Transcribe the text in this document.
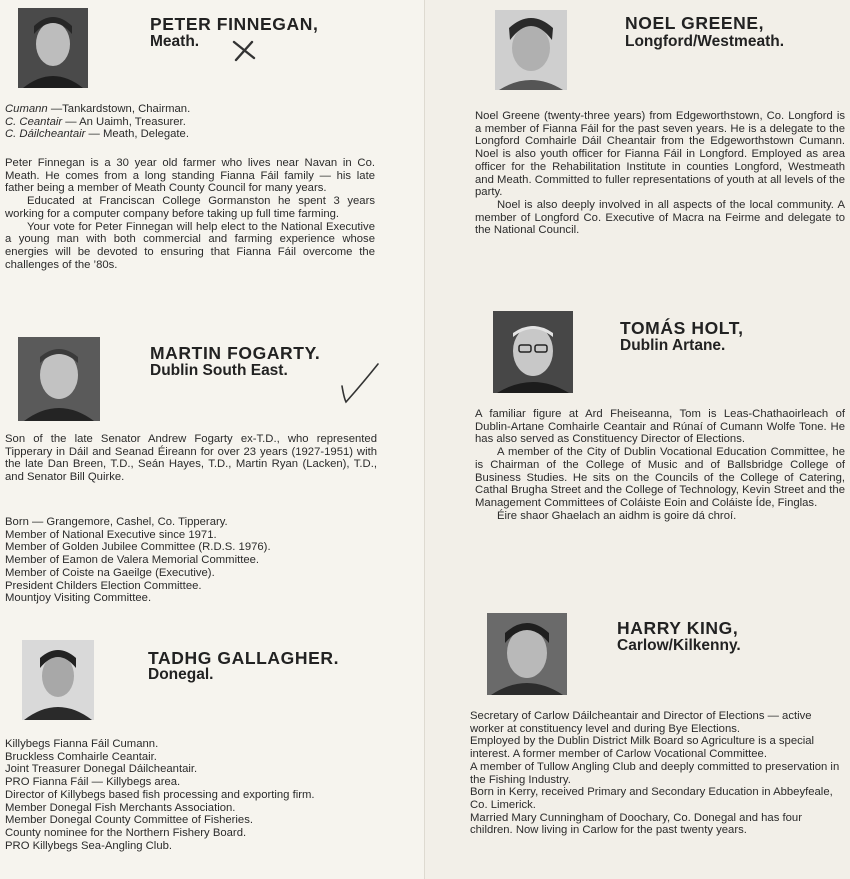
PETER FINNEGAN,
Meath.

Cumann —Tankardstown, Chairman.

C. Ceantair — An Uaimh, Treasurer.

C. Dáilcheantair — Meath, Delegate.

Peter Finnegan is a 30 year old farmer who lives near Navan in Co. Meath. He comes from a long standing Fianna Fáil family — his late father being a member of Meath County Council for many years.

Educated at Franciscan College Gormanston he spent 3 years working for a computer company before taking up full time farming.

Your vote for Peter Finnegan will help elect to the National Executive a young man with both commercial and farming experience whose energies will be devoted to ensuring that Fianna Fáil overcome the challenges of the ’80s.

MARTIN FOGARTY.
Dublin South East.

Son of the late Senator Andrew Fogarty ex-T.D., who represented Tipperary in Dáil and Seanad Éireann for over 23 years (1927-1951) with the late Dan Breen, T.D., Seán Hayes, T.D., Martin Ryan (Lacken), T.D., and Senator Bill Quirke.

Born — Grangemore, Cashel, Co. Tipperary.

Member of National Executive since 1971.

Member of Golden Jubilee Committee (R.D.S. 1976).

Member of Eamon de Valera Memorial Committee.

Member of Coiste na Gaeilge (Executive).

President Childers Election Committee.

Mountjoy Visiting Committee.

TADHG GALLAGHER.
Donegal.

Killybegs Fianna Fáil Cumann.

Bruckless Comhairle Ceantair.

Joint Treasurer Donegal Dáilcheantair.

PRO Fianna Fáil — Killybegs area.

Director of Killybegs based fish processing and exporting firm.

Member Donegal Fish Merchants Association.

Member Donegal County Committee of Fisheries.

County nominee for the Northern Fishery Board.

PRO Killybegs Sea-Angling Club.

NOEL GREENE,
Longford/Westmeath.

Noel Greene (twenty-three years) from Edgeworthstown, Co. Longford is a member of Fianna Fáil for the past seven years. He is a delegate to the Longford Comhairle Dáil Cheantair from the Edgeworthstown Cumann. Noel is also youth officer for Fianna Fáil in Longford. Employed as area officer for the Rehabilitation Institute in counties Longford, Westmeath and Meath. Committed to fuller representations of youth at all levels of the party.

Noel is also deeply involved in all aspects of the local community. A member of Longford Co. Executive of Macra na Feirme and delegate to the National Council.

TOMÁS HOLT,
Dublin Artane.

A familiar figure at Ard Fheiseanna, Tom is Leas-Chathaoirleach of Dublin-Artane Comhairle Ceantair and Rúnaí of Cumann Wolfe Tone. He has also served as Constituency Director of Elections.

A member of the City of Dublin Vocational Education Committee, he is Chairman of the College of Music and of Ballsbridge College of Business Studies. He sits on the Councils of the College of Catering, Cathal Brugha Street and the College of Technology, Kevin Street and the Management Committees of Coláiste Eoin and Coláiste Íde, Finglas.

Éire shaor Ghaelach an aidhm is goire dá chroí.

HARRY KING,
Carlow/Kilkenny.

Secretary of Carlow Dáilcheantair and Director of Elections — active worker at constituency level and during Bye Elections.

Employed by the Dublin District Milk Board so Agriculture is a special interest. A former member of Carlow Vocational Committee.

A member of Tullow Angling Club and deeply committed to preservation in the Fishing Industry.

Born in Kerry, received Primary and Secondary Education in Abbeyfeale, Co. Limerick.

Married Mary Cunningham of Doochary, Co. Donegal and has four children. Now living in Carlow for the past twenty years.
